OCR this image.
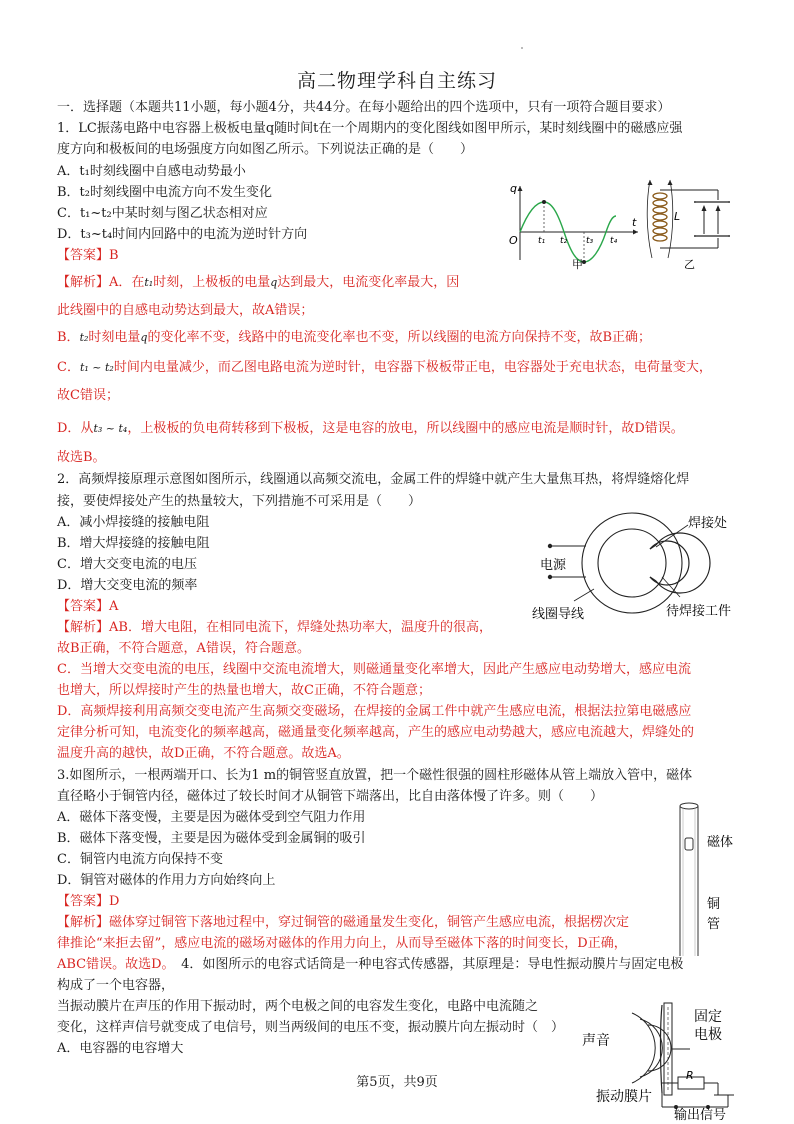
高二物理学科自主练习
一．选择题（本题共11小题，每小题4分，共44分。在每小题给出的四个选项中，只有一项符合题目要求）
1．LC振荡电路中电容器上极板电量q随时间t在一个周期内的变化图线如图甲所示，某时刻线圈中的磁感应强
度方向和极板间的电场强度方向如图乙所示。下列说法正确的是（　　）
A．t₁时刻线圈中自感电动势最小
B．t₂时刻线圈中电流方向不发生变化
C．t₁~t₂中某时刻与图乙状态相对应
D．t₃~t₄时间内回路中的电流为逆时针方向
【答案】B
【解析】A．在t₁时刻，上极板的电量q达到最大，电流变化率最大，因
此线圈中的自感电动势达到最大，故A错误；
B．t₂时刻电量q的变化率不变，线路中的电流变化率也不变，所以线圈的电流方向保持不变，故B正确；
C．t₁ ~ t₂时间内电量减少，而乙图电路电流为逆时针，电容器下极板带正电，电容器处于充电状态，电荷量变大，
故C错误；
D．从t₃ ~ t₄，上极板的负电荷转移到下极板，这是电容的放电，所以线圈中的感应电流是顺时针，故D错误。
故选B。
q
t
O t₁ t₂ t₃ t₄
甲
L
乙
2．高频焊接原理示意图如图所示，线圈通以高频交流电，金属工件的焊缝中就产生大量焦耳热，将焊缝熔化焊
接，要使焊接处产生的热量较大，下列措施不可采用是（　　）
A．减小焊接缝的接触电阻
B．增大焊接缝的接触电阻
C．增大交变电流的电压
D．增大交变电流的频率
【答案】A
【解析】AB．增大电阻，在相同电流下，焊缝处热功率大，温度升的很高，
故B正确，不符合题意，A错误，符合题意。
C．当增大交变电流的电压，线圈中交流电流增大，则磁通量变化率增大，因此产生感应电动势增大，感应电流
也增大，所以焊接时产生的热量也增大，故C正确，不符合题意；
D．高频焊接利用高频交变电流产生高频交变磁场，在焊接的金属工件中就产生感应电流，根据法拉第电磁感应
定律分析可知，电流变化的频率越高，磁通量变化频率越高，产生的感应电动势越大，感应电流越大，焊缝处的
温度升高的越快，故D正确，不符合题意。故选A。
焊接处
电源
线圈导线	待焊接工件
3.如图所示，一根两端开口、长为1 m的铜管竖直放置，把一个磁性很强的圆柱形磁体从管上端放入管中，磁体
直径略小于铜管内径，磁体过了较长时间才从铜管下端落出，比自由落体慢了许多。则（　　）
A．磁体下落变慢，主要是因为磁体受到空气阻力作用
B．磁体下落变慢，主要是因为磁体受到金属铜的吸引
C．铜管内电流方向保持不变
D．铜管对磁体的作用力方向始终向上
【答案】D
【解析】磁体穿过铜管下落地过程中，穿过铜管的磁通量发生变化，铜管产生感应电流，根据楞次定
律推论“来拒去留”，感应电流的磁场对磁体的作用力向上，从而导至磁体下落的时间变长，D正确，
ABC错误。故选D。　4．如图所示的电容式话筒是一种电容式传感器，其原理是：导电性振动膜片与固定电极
磁体
铜
管
构成了一个电容器，
当振动膜片在声压的作用下振动时，两个电极之间的电容发生变化，电路中电流随之
变化，这样声信号就变成了电信号，则当两级间的电压不变，振动膜片向左振动时（　）
A．电容器的电容增大
R
固定
电极
声音
振动膜片
输出信号
第5页，共9页
